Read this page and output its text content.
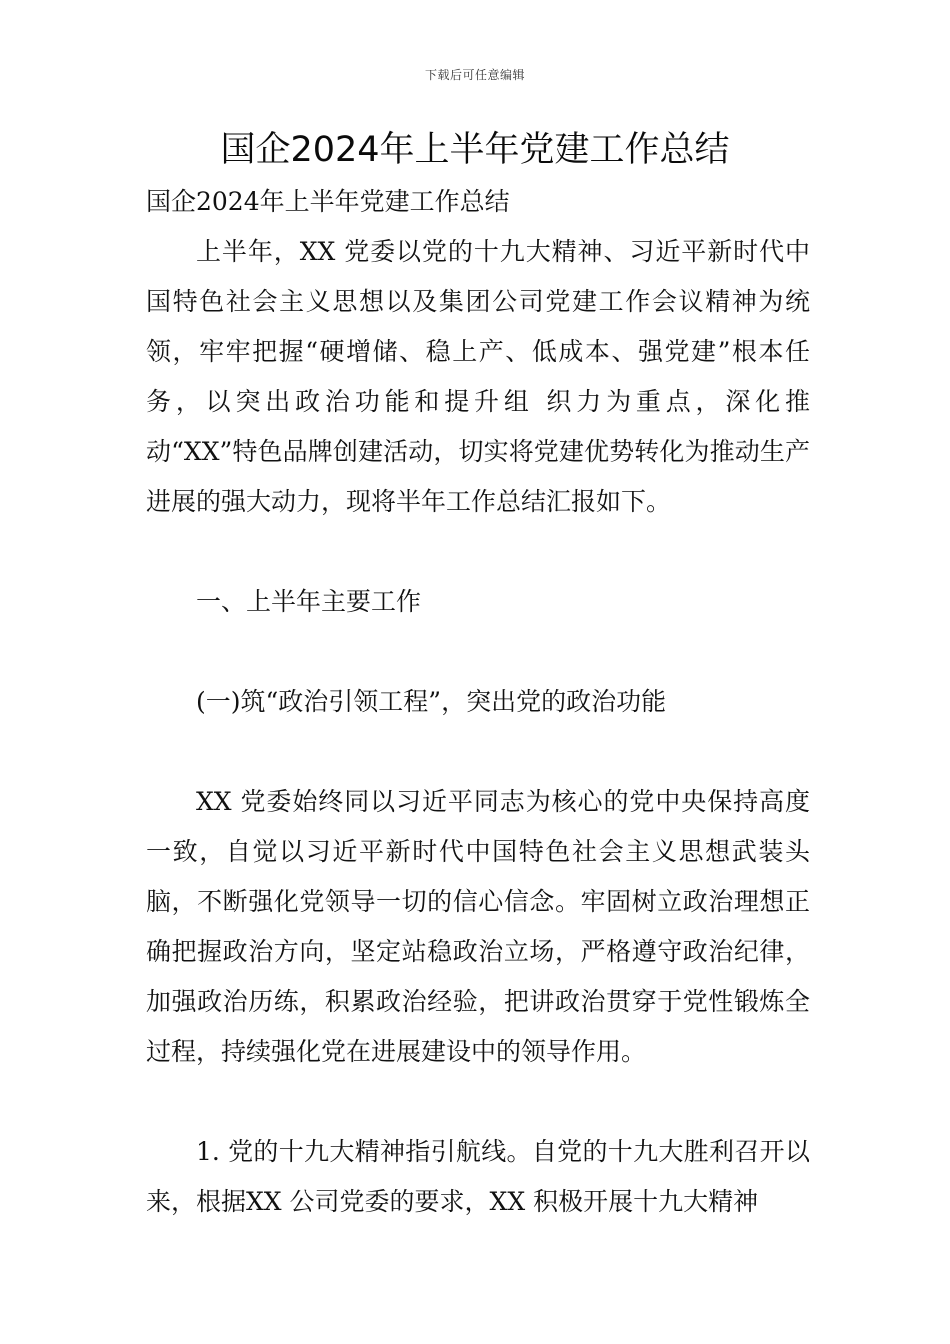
下载后可任意编辑
国企2024年上半年党建工作总结

国企2024年上半年党建工作总结

上半年，XX 党委以党的十九大精神、习近平新时代中国特色社会主义思想以及集团公司党建工作会议精神为统领，牢牢把握“硬增储、稳上产、低成本、强党建”根本任务，以突出政治功能和提升组 织力为重点，深化推动“XX”特色品牌创建活动，切实将党建优势转化为推动生产进展的强大动力，现将半年工作总结汇报如下。

一、上半年主要工作

(一)筑“政治引领工程”，突出党的政治功能

XX 党委始终同以习近平同志为核心的党中央保持高度一致，自觉以习近平新时代中国特色社会主义思想武装头脑，不断强化党领导一切的信心信念。牢固树立政治理想正确把握政治方向，坚定站稳政治立场，严格遵守政治纪律，加强政治历练，积累政治经验，把讲政治贯穿于党性锻炼全过程，持续强化党在进展建设中的领导作用。

1. 党的十九大精神指引航线。自党的十九大胜利召开以来，根据XX 公司党委的要求，XX 积极开展十九大精神
